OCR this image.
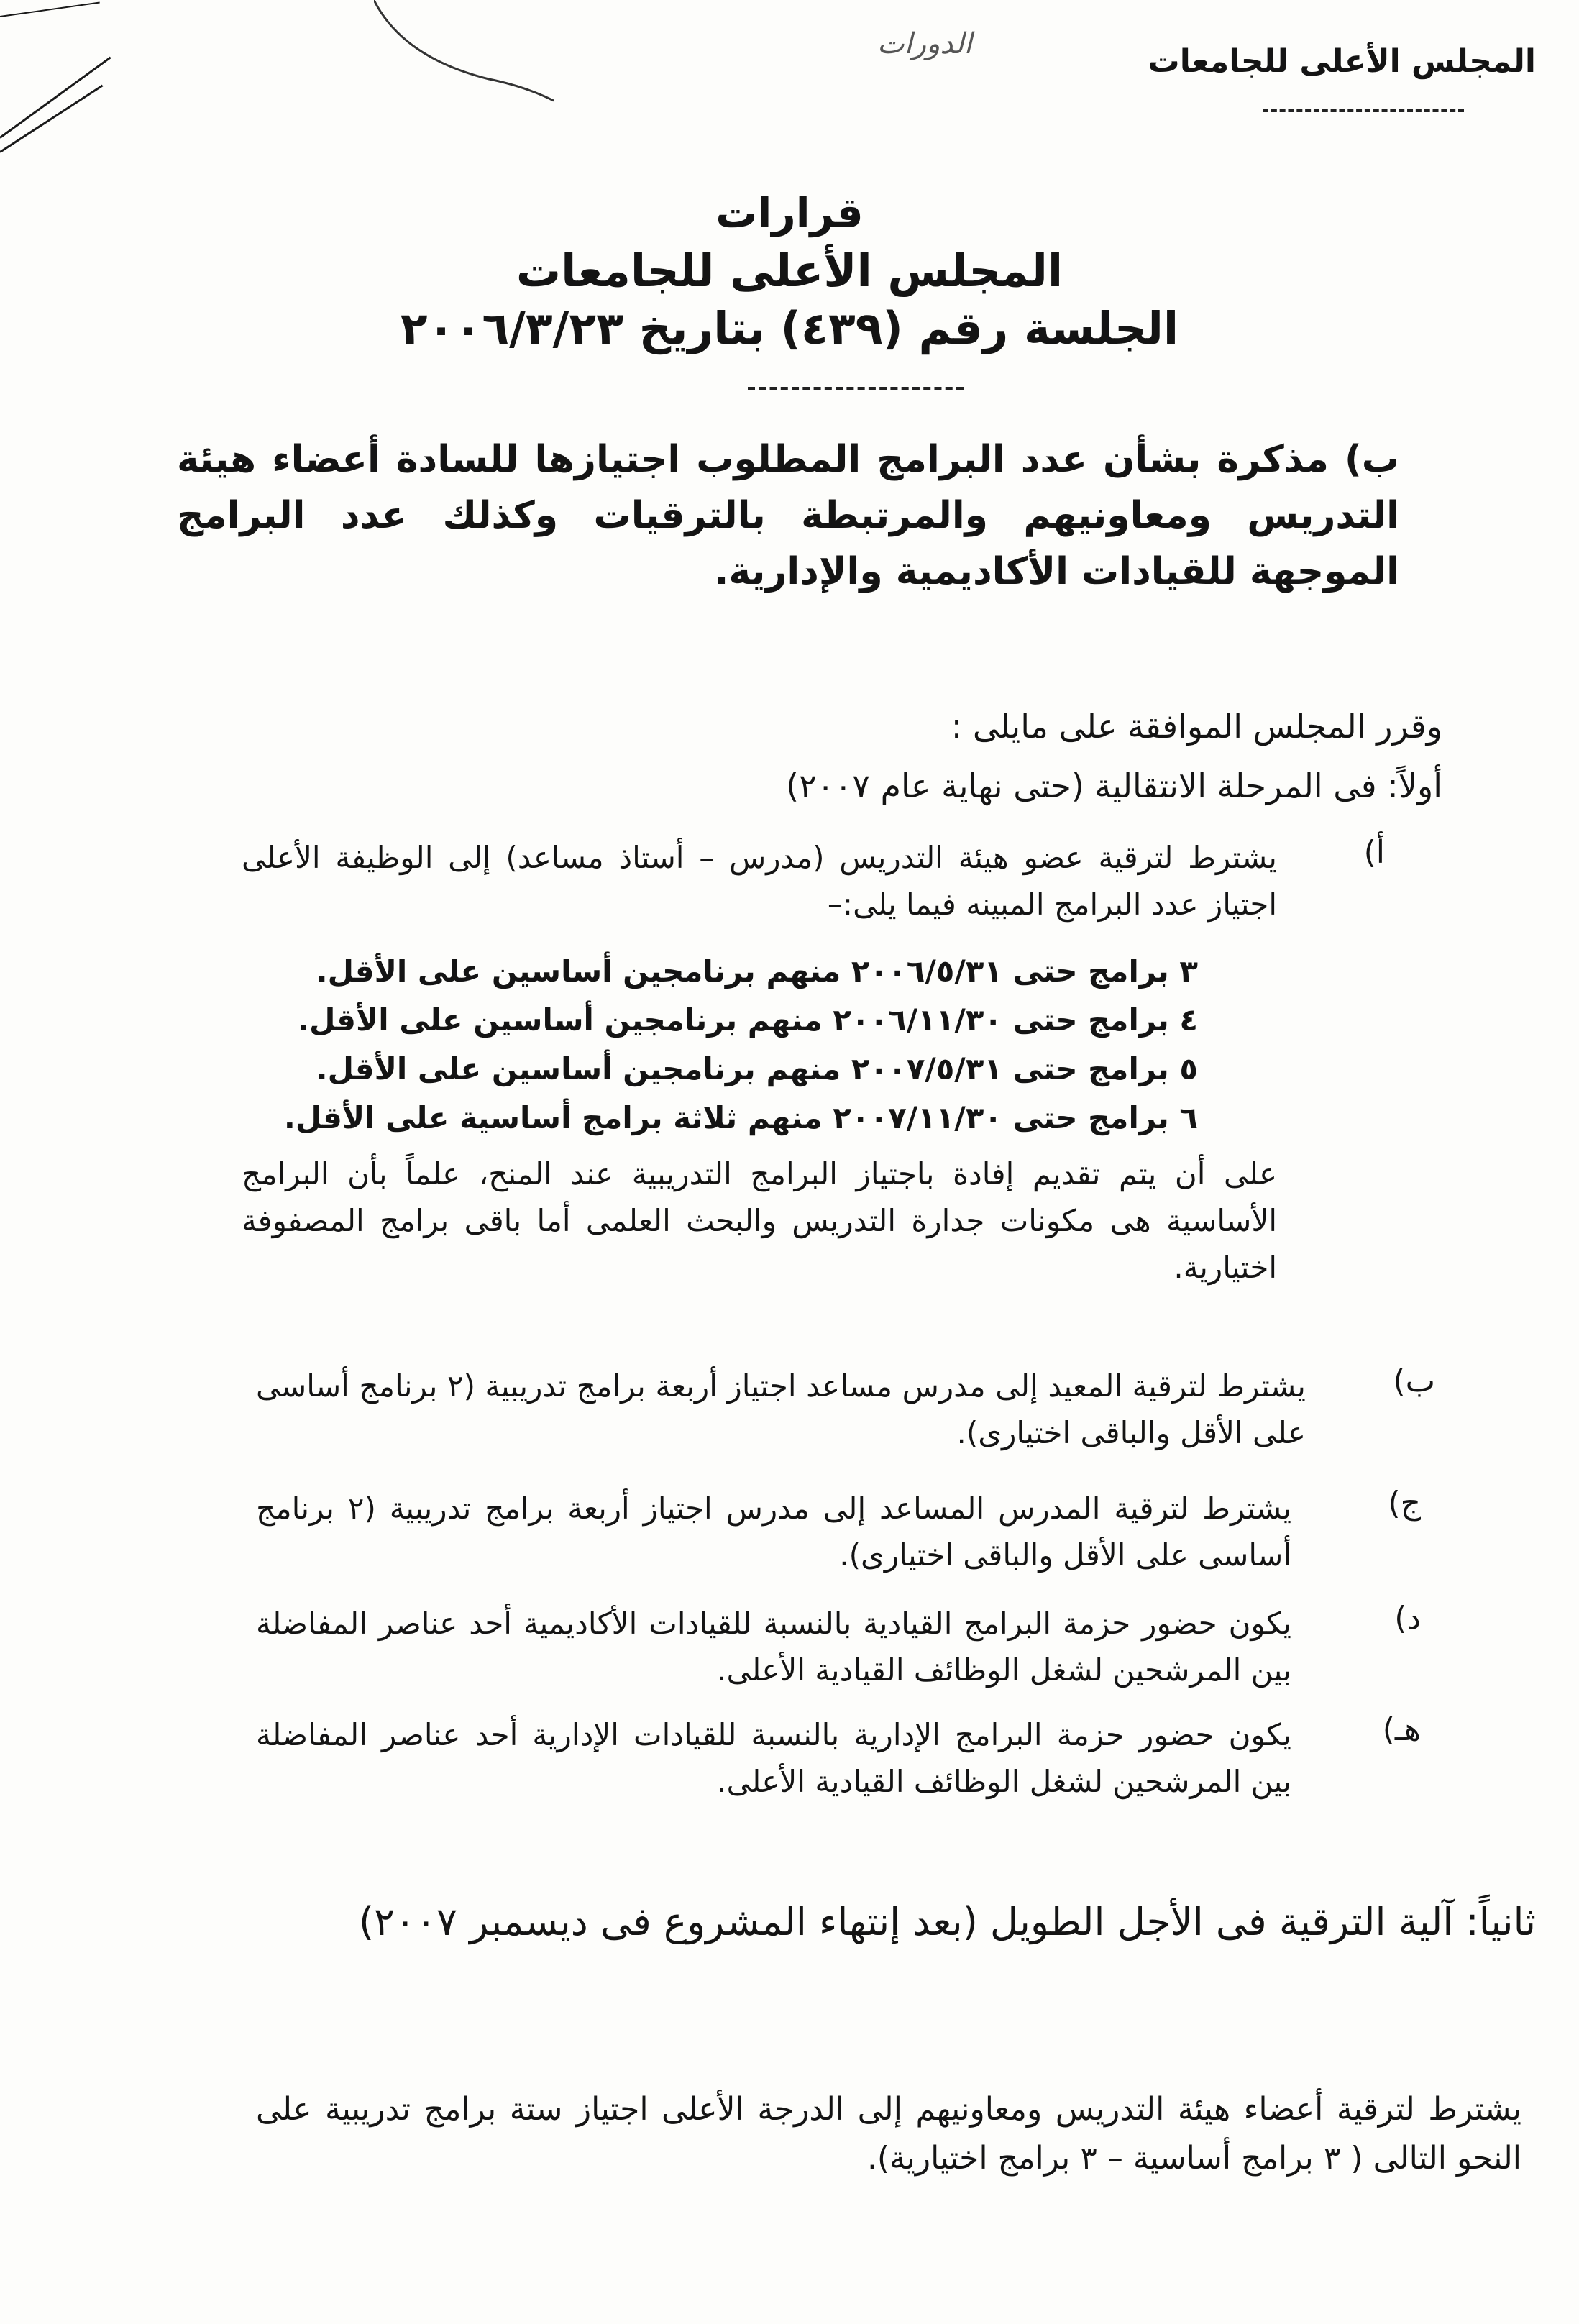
الدورات	المجلس الأعلى للجامعات
قرارات
المجلس الأعلى للجامعات
الجلسة رقم (٤٣٩) بتاريخ ٢٠٠٦/٣/٢٣
ب) مذكرة بشأن عدد البرامج المطلوب اجتيازها للسادة أعضاء هيئة التدريس ومعاونيهم والمرتبطة بالترقيات وكذلك عدد البرامج الموجهة للقيادات الأكاديمية والإدارية.
وقرر المجلس الموافقة على مايلى :
أولاً: فى المرحلة الانتقالية (حتى نهاية عام ٢٠٠٧)
أ)
يشترط لترقية عضو هيئة التدريس (مدرس – أستاذ مساعد) إلى الوظيفة الأعلى اجتياز عدد البرامج المبينه فيما يلى:–
٣ برامج حتى ٢٠٠٦/٥/٣١ منهم برنامجين أساسين على الأقل.
٤ برامج حتى ٢٠٠٦/١١/٣٠ منهم برنامجين أساسين على الأقل.
٥ برامج حتى ٢٠٠٧/٥/٣١ منهم برنامجين أساسين على الأقل.
٦ برامج حتى ٢٠٠٧/١١/٣٠ منهم ثلاثة برامج أساسية على الأقل.
على أن يتم تقديم إفادة باجتياز البرامج التدريبية عند المنح، علماً بأن البرامج الأساسية هى مكونات جدارة التدريس والبحث العلمى أما باقى برامج المصفوفة اختيارية.
ب)
يشترط لترقية المعيد إلى مدرس مساعد اجتياز أربعة برامج تدريبية (٢ برنامج أساسى على الأقل والباقى اختيارى).
ج)
يشترط لترقية المدرس المساعد إلى مدرس اجتياز أربعة برامج تدريبية (٢ برنامج أساسى على الأقل والباقى اختيارى).
د)
يكون حضور حزمة البرامج القيادية بالنسبة للقيادات الأكاديمية أحد عناصر المفاضلة بين المرشحين لشغل الوظائف القيادية الأعلى.
هـ)
يكون حضور حزمة البرامج الإدارية بالنسبة للقيادات الإدارية أحد عناصر المفاضلة بين المرشحين لشغل الوظائف القيادية الأعلى.
ثانياً: آلية الترقية فى الأجل الطويل (بعد إنتهاء المشروع فى ديسمبر ٢٠٠٧)
يشترط لترقية أعضاء هيئة التدريس ومعاونيهم إلى الدرجة الأعلى اجتياز ستة برامج تدريبية على النحو التالى ( ٣ برامج أساسية – ٣ برامج اختيارية).
